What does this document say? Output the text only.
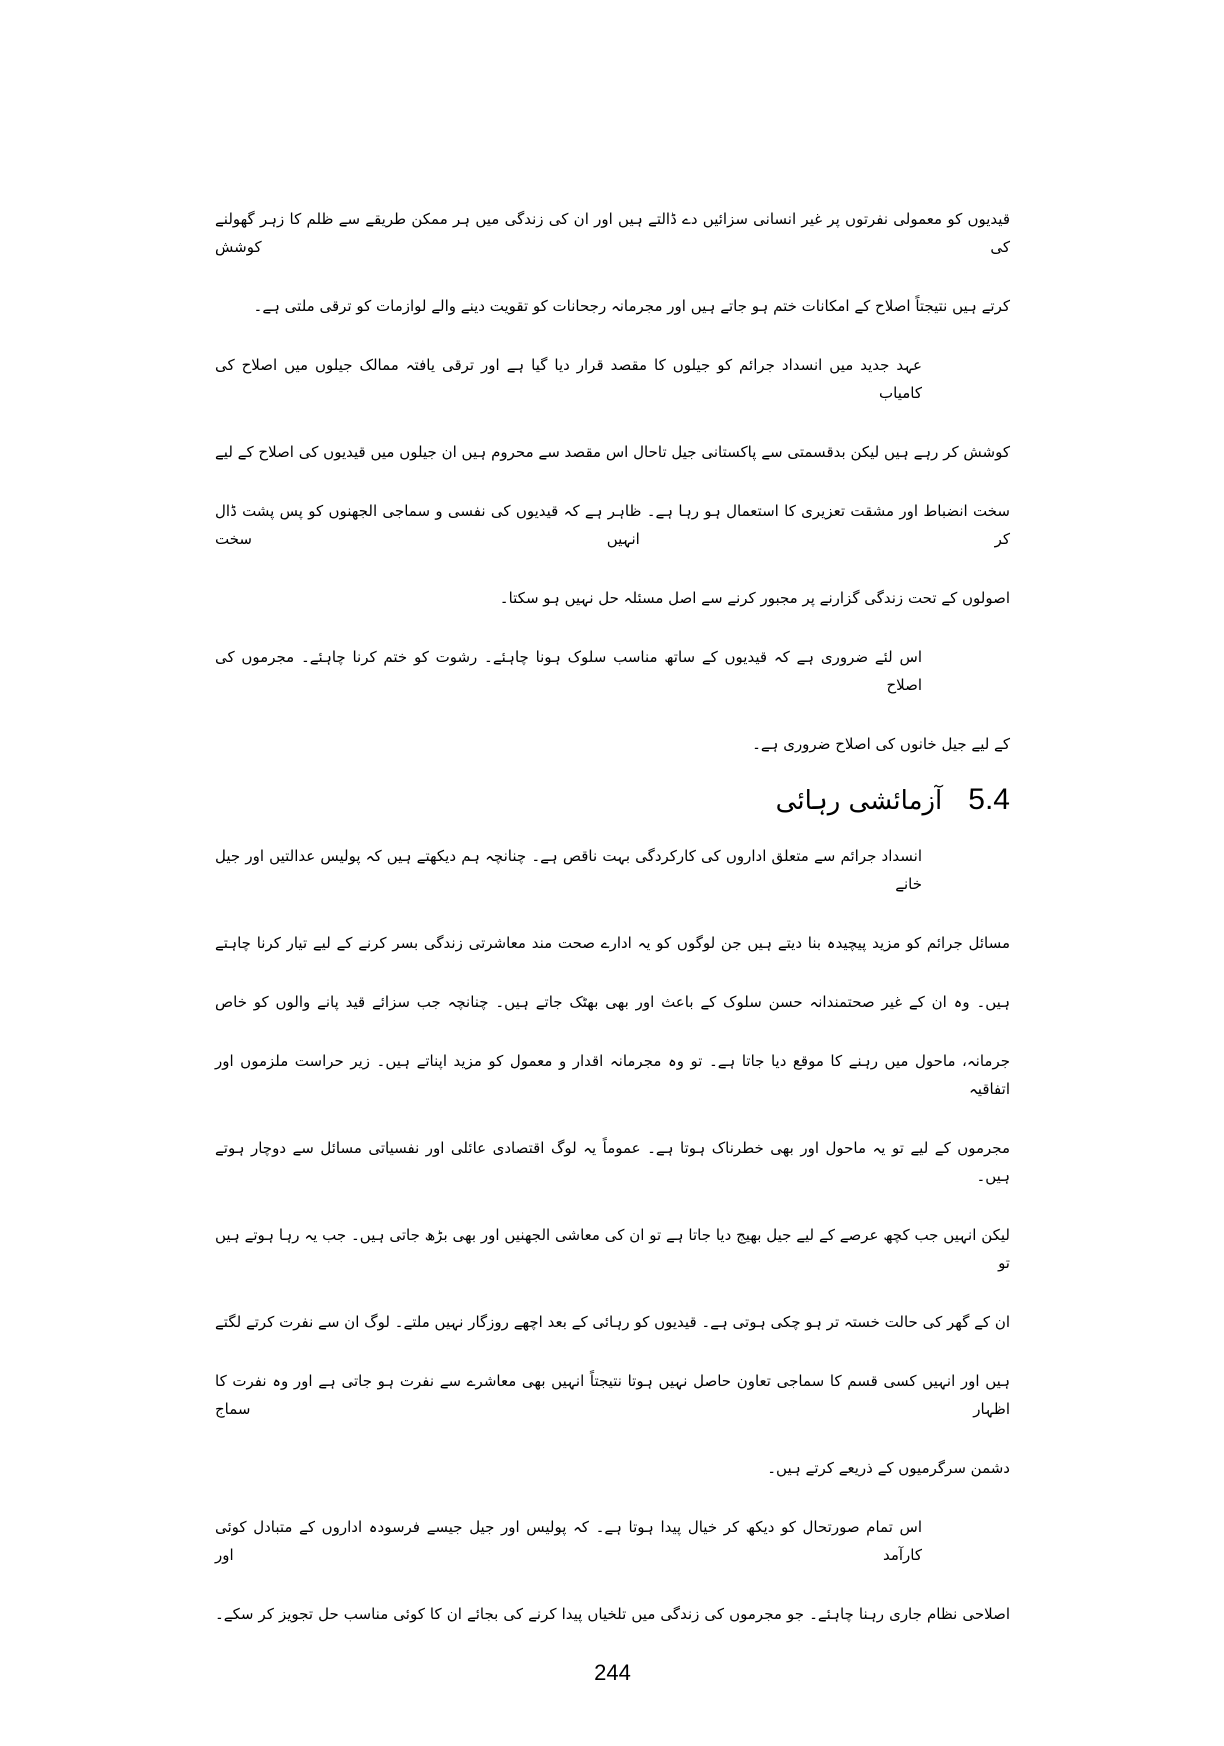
قیدیوں کو معمولی نفرتوں پر غیر انسانی سزائیں دے ڈالتے ہیں اور ان کی زندگی میں ہر ممکن طریقے سے ظلم کا زہر گھولنے کی کوشش
کرتے ہیں نتیجتاً اصلاح کے امکانات ختم ہو جاتے ہیں اور مجرمانہ رجحانات کو تقویت دینے والے لوازمات کو ترقی ملتی ہے۔
عہد جدید میں انسداد جرائم کو جیلوں کا مقصد قرار دیا گیا ہے اور ترقی یافتہ ممالک جیلوں میں اصلاح کی کامیاب
کوشش کر رہے ہیں لیکن بدقسمتی سے پاکستانی جیل تاحال اس مقصد سے محروم ہیں ان جیلوں میں قیدیوں کی اصلاح کے لیے
سخت انضباط اور مشقت تعزیری کا استعمال ہو رہا ہے۔ ظاہر ہے کہ قیدیوں کی نفسی و سماجی الجھنوں کو پس پشت ڈال کر انہیں سخت
اصولوں کے تحت زندگی گزارنے پر مجبور کرنے سے اصل مسئلہ حل نہیں ہو سکتا۔
اس لئے ضروری ہے کہ قیدیوں کے ساتھ مناسب سلوک ہونا چاہئے۔ رشوت کو ختم کرنا چاہئے۔ مجرموں کی اصلاح
کے لیے جیل خانوں کی اصلاح ضروری ہے۔
5.4آزمائشی رہائی
انسداد جرائم سے متعلق اداروں کی کارکردگی بہت ناقص ہے۔ چنانچہ ہم دیکھتے ہیں کہ پولیس عدالتیں اور جیل خانے
مسائل جرائم کو مزید پیچیدہ بنا دیتے ہیں جن لوگوں کو یہ ادارے صحت مند معاشرتی زندگی بسر کرنے کے لیے تیار کرنا چاہتے
ہیں۔ وہ ان کے غیر صحتمندانہ حسن سلوک کے باعث اور بھی بھٹک جاتے ہیں۔ چنانچہ جب سزائے قید پانے والوں کو خاص
جرمانہ، ماحول میں رہنے کا موقع دیا جاتا ہے۔ تو وہ مجرمانہ اقدار و معمول کو مزید اپناتے ہیں۔ زیر حراست ملزموں اور اتفاقیہ
مجرموں کے لیے تو یہ ماحول اور بھی خطرناک ہوتا ہے۔ عموماً یہ لوگ اقتصادی عائلی اور نفسیاتی مسائل سے دوچار ہوتے ہیں۔
لیکن انہیں جب کچھ عرصے کے لیے جیل بھیج دیا جاتا ہے تو ان کی معاشی الجھنیں اور بھی بڑھ جاتی ہیں۔ جب یہ رہا ہوتے ہیں تو
ان کے گھر کی حالت خستہ تر ہو چکی ہوتی ہے۔ قیدیوں کو رہائی کے بعد اچھے روزگار نہیں ملتے۔ لوگ ان سے نفرت کرتے لگتے
ہیں اور انہیں کسی قسم کا سماجی تعاون حاصل نہیں ہوتا نتیجتاً انہیں بھی معاشرے سے نفرت ہو جاتی ہے اور وہ نفرت کا اظہار سماج
دشمن سرگرمیوں کے ذریعے کرتے ہیں۔
اس تمام صورتحال کو دیکھ کر خیال پیدا ہوتا ہے۔ کہ پولیس اور جیل جیسے فرسودہ اداروں کے متبادل کوئی کارآمد اور
اصلاحی نظام جاری رہنا چاہئے۔ جو مجرموں کی زندگی میں تلخیاں پیدا کرنے کی بجائے ان کا کوئی مناسب حل تجویز کر سکے۔
244
